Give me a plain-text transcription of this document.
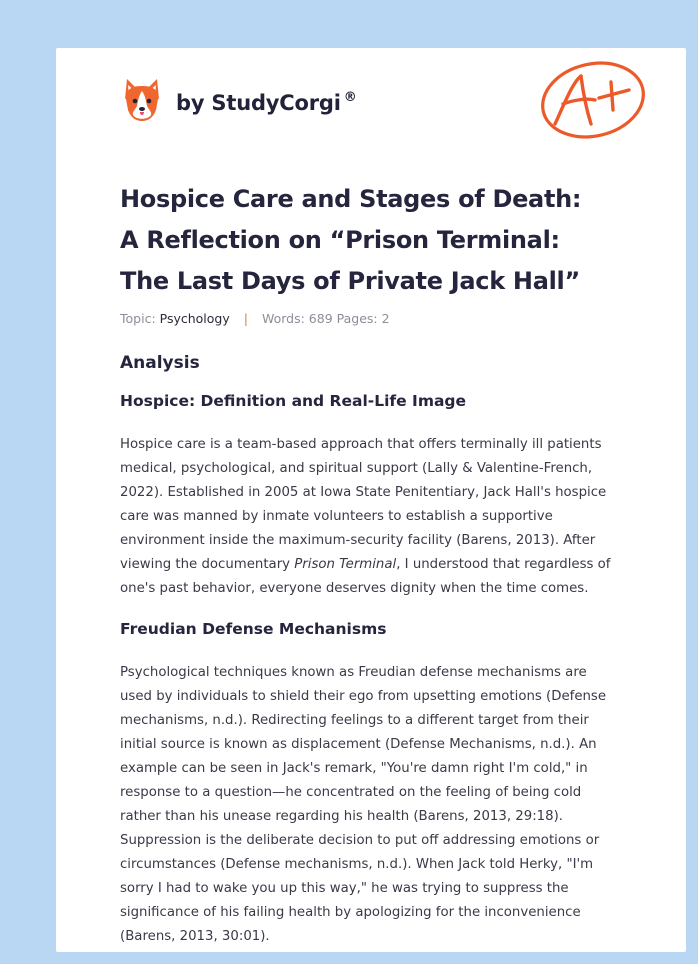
by StudyCorgi ®
A+
Hospice Care and Stages of Death:
A Reflection on “Prison Terminal:
The Last Days of Private Jack Hall”
Topic: Psychology | Words: 689 Pages: 2
Analysis
Hospice: Definition and Real-Life Image

Hospice care is a team-based approach that offers terminally ill patients
medical, psychological, and spiritual support (Lally & Valentine-French,
2022). Established in 2005 at Iowa State Penitentiary, Jack Hall's hospice
care was manned by inmate volunteers to establish a supportive
environment inside the maximum-security facility (Barens, 2013). After
viewing the documentary Prison Terminal, I understood that regardless of
one's past behavior, everyone deserves dignity when the time comes.

Freudian Defense Mechanisms

Psychological techniques known as Freudian defense mechanisms are
used by individuals to shield their ego from upsetting emotions (Defense
mechanisms, n.d.). Redirecting feelings to a different target from their
initial source is known as displacement (Defense Mechanisms, n.d.). An
example can be seen in Jack's remark, "You're damn right I'm cold," in
response to a question—he concentrated on the feeling of being cold
rather than his unease regarding his health (Barens, 2013, 29:18).
Suppression is the deliberate decision to put off addressing emotions or
circumstances (Defense mechanisms, n.d.). When Jack told Herky, "I'm
sorry I had to wake you up this way," he was trying to suppress the
significance of his failing health by apologizing for the inconvenience
(Barens, 2013, 30:01).
